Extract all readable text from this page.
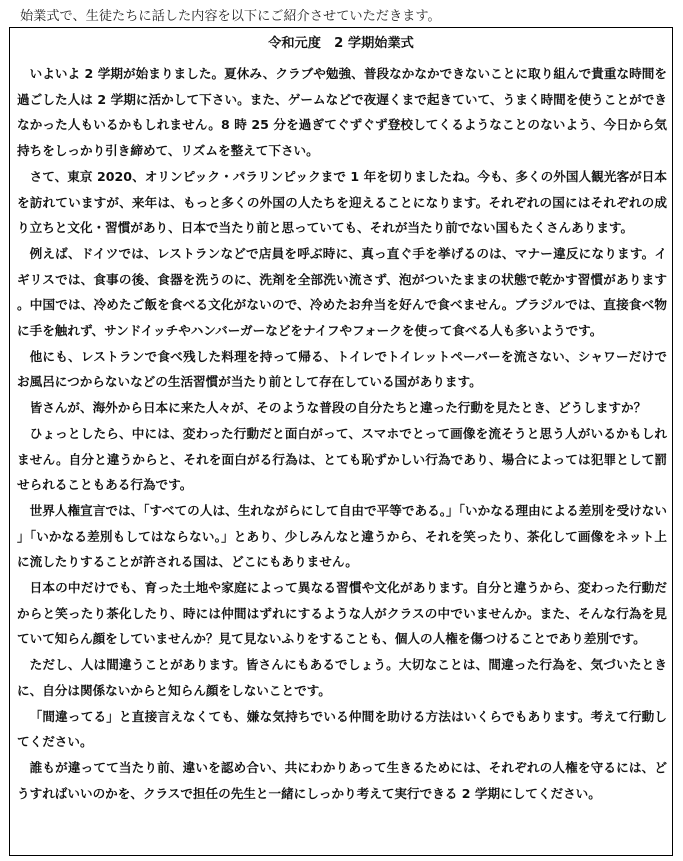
始業式で、生徒たちに話した内容を以下にご紹介させていただきます。
令和元度　2 学期始業式

いよいよ 2 学期が始まりました。夏休み、クラブや勉強、普段なかなかできないことに取り組んで貴重な時間を過ごした人は 2 学期に活かして下さい。また、ゲームなどで夜遅くまで起きていて、うまく時間を使うことができなかった人もいるかもしれません。8 時 25 分を過ぎてぐずぐず登校してくるようなことのないよう、今日から気持ちをしっかり引き締めて、リズムを整えて下さい。

さて、東京 2020、オリンピック・パラリンピックまで 1 年を切りましたね。今も、多くの外国人観光客が日本を訪れていますが、来年は、もっと多くの外国の人たちを迎えることになります。それぞれの国にはそれぞれの成り立ちと文化・習慣があり、日本で当たり前と思っていても、それが当たり前でない国もたくさんあります。

例えば、ドイツでは、レストランなどで店員を呼ぶ時に、真っ直ぐ手を挙げるのは、マナー違反になります。イギリスでは、食事の後、食器を洗うのに、洗剤を全部洗い流さず、泡がついたままの状態で乾かす習慣があります。中国では、冷めたご飯を食べる文化がないので、冷めたお弁当を好んで食べません。ブラジルでは、直接食べ物に手を触れず、サンドイッチやハンバーガーなどをナイフやフォークを使って食べる人も多いようです。

他にも、レストランで食べ残した料理を持って帰る、トイレでトイレットペーパーを流さない、シャワーだけでお風呂につからないなどの生活習慣が当たり前として存在している国があります。

皆さんが、海外から日本に来た人々が、そのような普段の自分たちと違った行動を見たとき、どうしますか？

ひょっとしたら、中には、変わった行動だと面白がって、スマホでとって画像を流そうと思う人がいるかもしれません。自分と違うからと、それを面白がる行為は、とても恥ずかしい行為であり、場合によっては犯罪として罰せられることもある行為です。

世界人権宣言では、「すべての人は、生れながらにして自由で平等である。」「いかなる理由による差別を受けない」「いかなる差別もしてはならない。」とあり、少しみんなと違うから、それを笑ったり、茶化して画像をネット上に流したりすることが許される国は、どこにもありません。

日本の中だけでも、育った土地や家庭によって異なる習慣や文化があります。自分と違うから、変わった行動だからと笑ったり茶化したり、時には仲間はずれにするような人がクラスの中でいませんか。また、そんな行為を見ていて知らん顔をしていませんか？見て見ないふりをすることも、個人の人権を傷つけることであり差別です。

ただし、人は間違うことがあります。皆さんにもあるでしょう。大切なことは、間違った行為を、気づいたときに、自分は関係ないからと知らん顔をしないことです。

「間違ってる」と直接言えなくても、嫌な気持ちでいる仲間を助ける方法はいくらでもあります。考えて行動してください。

誰もが違ってて当たり前、違いを認め合い、共にわかりあって生きるためには、それぞれの人権を守るには、どうすればいいのかを、クラスで担任の先生と一緒にしっかり考えて実行できる 2 学期にしてください。
